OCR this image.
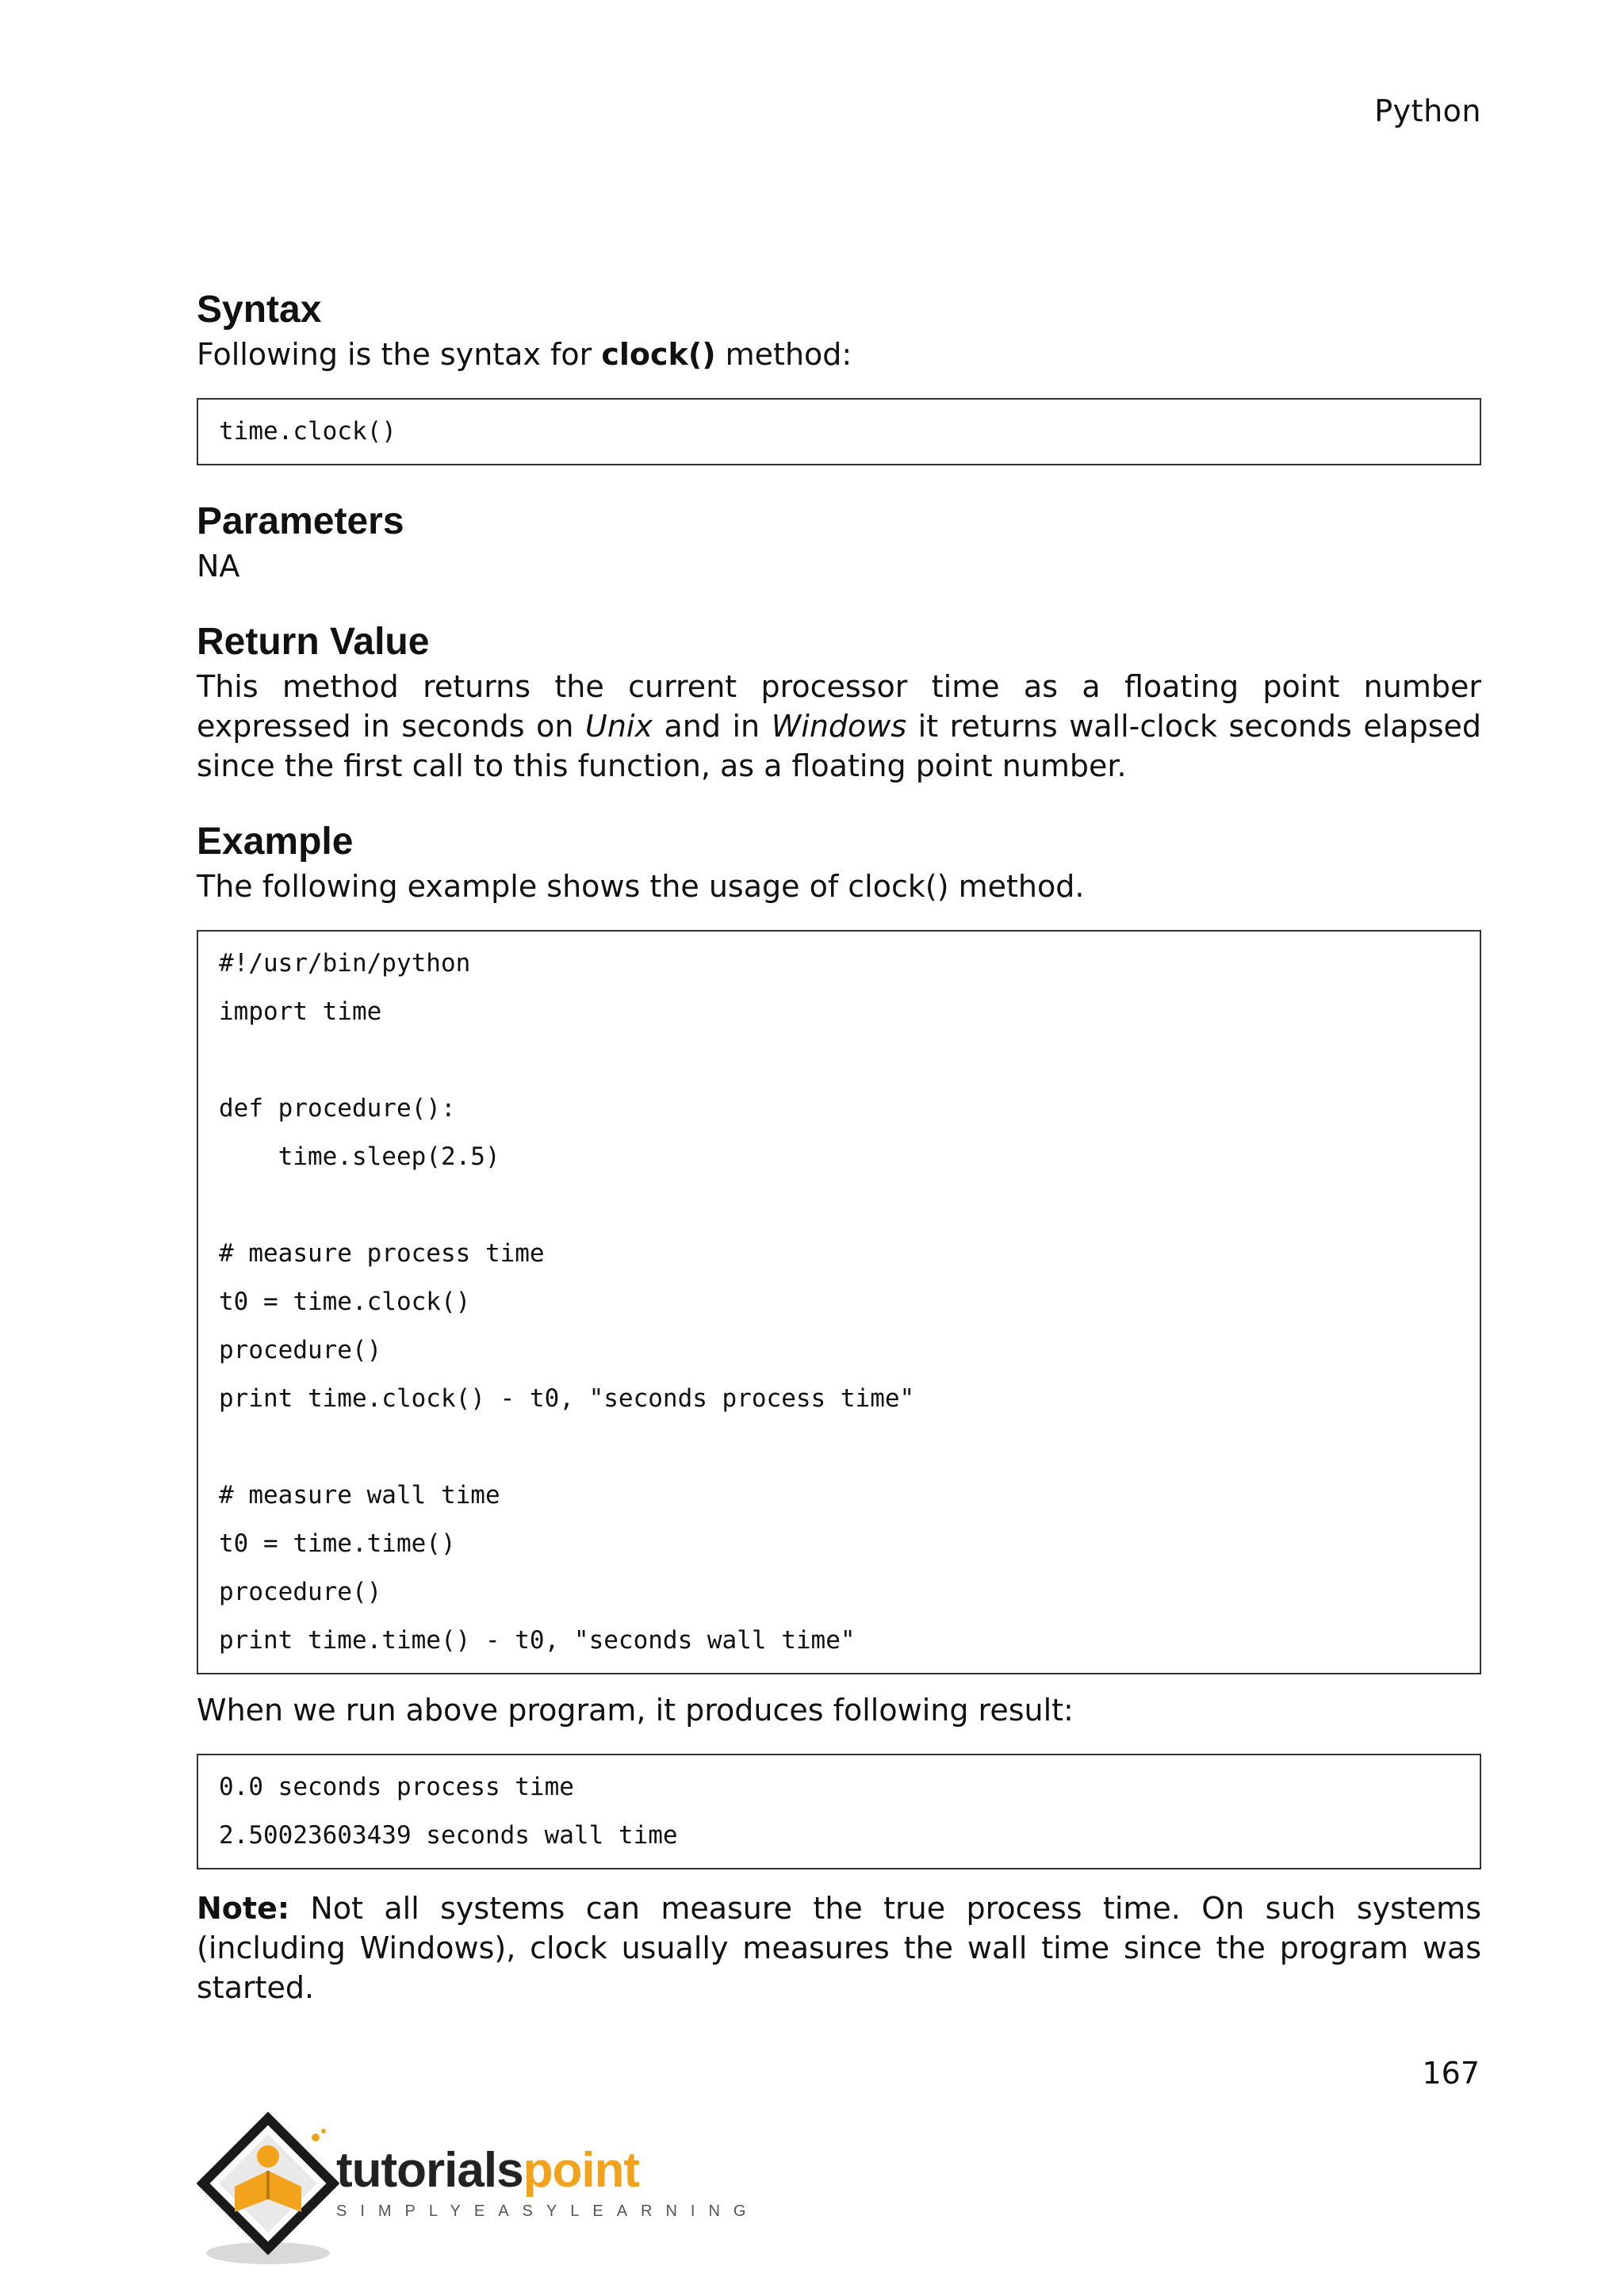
Python
Syntax

Following is the syntax for clock() method:

time.clock()
Parameters

NA

Return Value

This method returns the current processor time as a floating point number expressed in seconds on Unix and in Windows it returns wall-clock seconds elapsed since the first call to this function, as a floating point number.

Example

The following example shows the usage of clock() method.

#!/usr/bin/python
import time
def procedure():
time.sleep(2.5)
# measure process time
t0 = time.clock()
procedure()
print time.clock() - t0, "seconds process time"
# measure wall time
t0 = time.time()
procedure()
print time.time() - t0, "seconds wall time"

When we run above program, it produces following result:

0.0 seconds process time
2.50023603439 seconds wall time

Note: Not all systems can measure the true process time. On such systems (including Windows), clock usually measures the wall time since the program was started.

167
tutorialspoint
SIMPLYEASYLEARNING
